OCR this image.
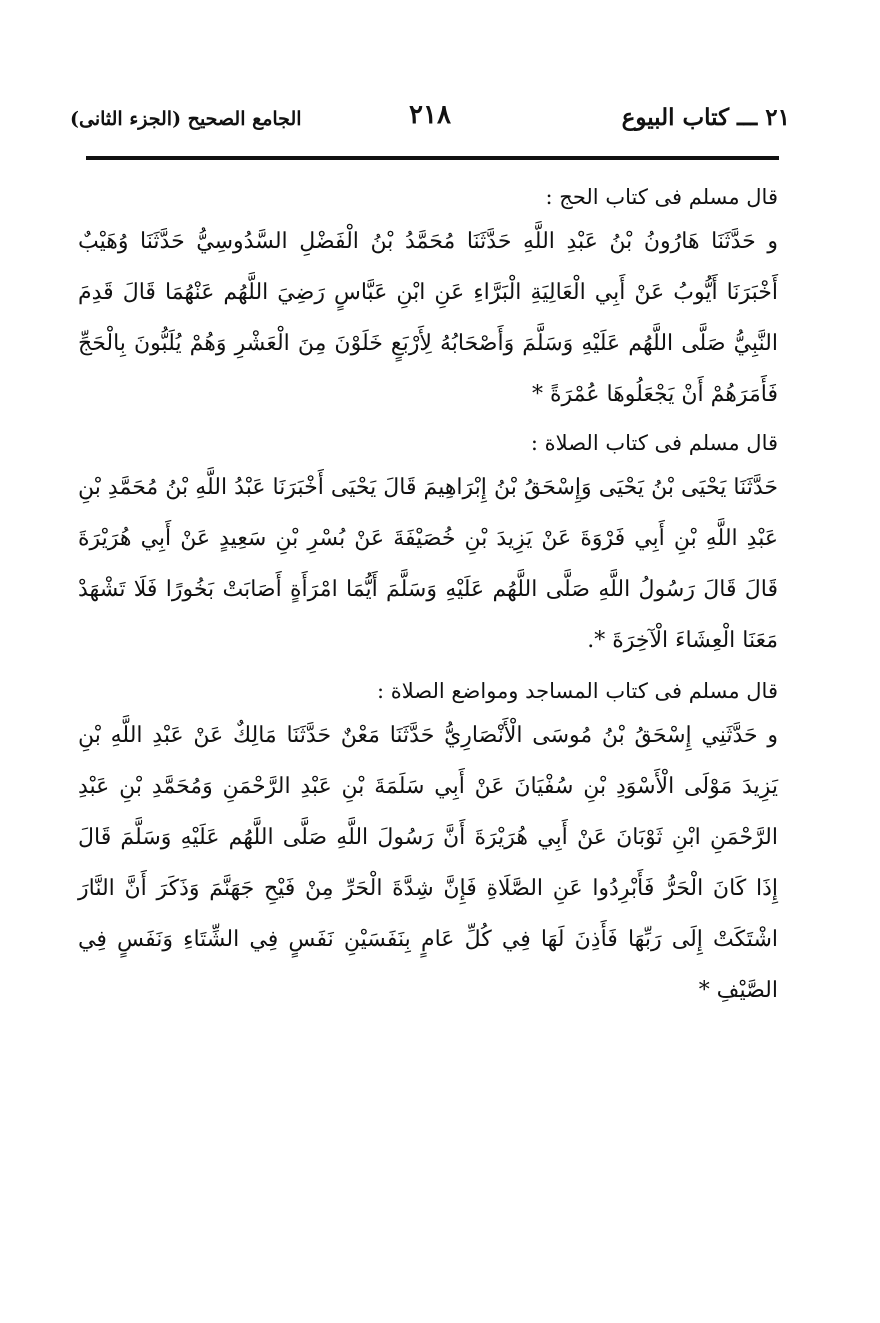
٢١ ـــ كتاب البيوع
٢١٨
الجامع الصحيح (الجزء الثانى)

قال مسلم فى كتاب الحج :

و حَدَّثَنَا هَارُونُ بْنُ عَبْدِ اللَّهِ حَدَّثَنَا مُحَمَّدُ بْنُ الْفَضْلِ السَّدُوسِيُّ حَدَّثَنَا وُهَيْبٌ أَخْبَرَنَا أَيُّوبُ عَنْ أَبِي الْعَالِيَةِ الْبَرَّاءِ عَنِ ابْنِ عَبَّاسٍ رَضِيَ اللَّهُم عَنْهُمَا قَالَ قَدِمَ النَّبِيُّ صَلَّى اللَّهُم عَلَيْهِ وَسَلَّمَ وَأَصْحَابُهُ لِأَرْبَعٍ خَلَوْنَ مِنَ الْعَشْرِ وَهُمْ يُلَبُّونَ بِالْحَجِّ فَأَمَرَهُمْ أَنْ يَجْعَلُوهَا عُمْرَةً *

قال مسلم فى كتاب الصلاة :

حَدَّثَنَا يَحْيَى بْنُ يَحْيَى وَإِسْحَقُ بْنُ إِبْرَاهِيمَ قَالَ يَحْيَى أَخْبَرَنَا عَبْدُ اللَّهِ بْنُ مُحَمَّدِ بْنِ عَبْدِ اللَّهِ بْنِ أَبِي فَرْوَةَ عَنْ يَزِيدَ بْنِ خُصَيْفَةَ عَنْ بُسْرِ بْنِ سَعِيدٍ عَنْ أَبِي هُرَيْرَةَ قَالَ قَالَ رَسُولُ اللَّهِ صَلَّى اللَّهُم عَلَيْهِ وَسَلَّمَ أَيُّمَا امْرَأَةٍ أَصَابَتْ بَخُورًا فَلَا تَشْهَدْ مَعَنَا الْعِشَاءَ الْآخِرَةَ *.

قال مسلم فى كتاب المساجد ومواضع الصلاة :

و حَدَّثَنِي إِسْحَقُ بْنُ مُوسَى الْأَنْصَارِيُّ حَدَّثَنَا مَعْنٌ حَدَّثَنَا مَالِكٌ عَنْ عَبْدِ اللَّهِ بْنِ يَزِيدَ مَوْلَى الْأَسْوَدِ بْنِ سُفْيَانَ عَنْ أَبِي سَلَمَةَ بْنِ عَبْدِ الرَّحْمَنِ وَمُحَمَّدِ بْنِ عَبْدِ الرَّحْمَنِ ابْنِ ثَوْبَانَ عَنْ أَبِي هُرَيْرَةَ أَنَّ رَسُولَ اللَّهِ صَلَّى اللَّهُم عَلَيْهِ وَسَلَّمَ قَالَ إِذَا كَانَ الْحَرُّ فَأَبْرِدُوا عَنِ الصَّلَاةِ فَإِنَّ شِدَّةَ الْحَرِّ مِنْ فَيْحِ جَهَنَّمَ وَذَكَرَ أَنَّ النَّارَ اشْتَكَتْ إِلَى رَبِّهَا فَأَذِنَ لَهَا فِي كُلِّ عَامٍ بِنَفَسَيْنِ نَفَسٍ فِي الشِّتَاءِ وَنَفَسٍ فِي الصَّيْفِ *
